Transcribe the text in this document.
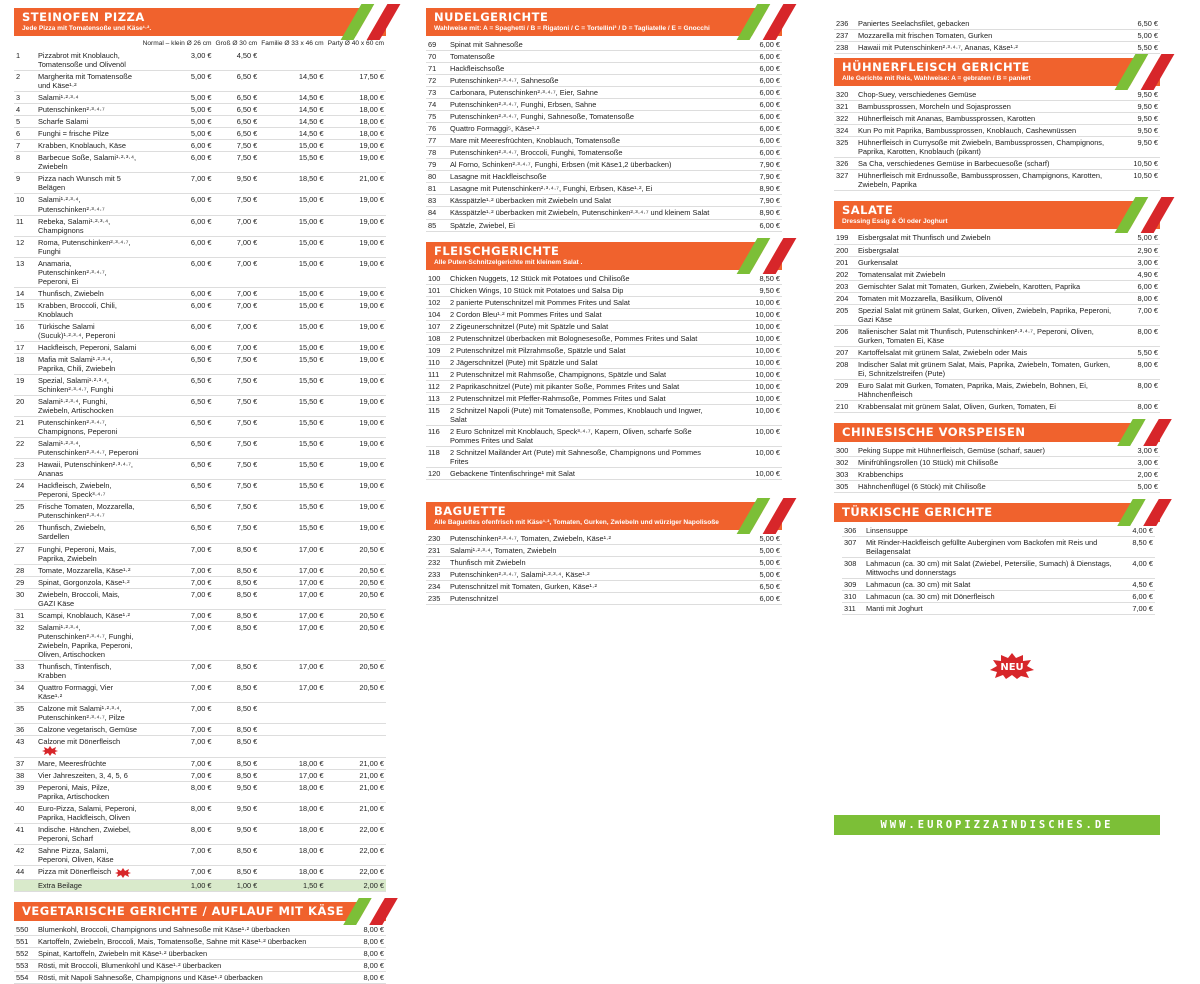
STEINOFEN PIZZA
Jede Pizza mit Tomatensoße und Käse¹·².
		Normal – klein Ø 26 cm	Groß Ø 30 cm	Familie Ø 33 x 46 cm	Party Ø 40 x 60 cm
1	Pizzabrot mit Knoblauch, Tomatensoße und Olivenöl	3,00 €	4,50 €		
2	Margherita mit Tomatensoße und Käse¹·²	5,00 €	6,50 €	14,50 €	17,50 €
3	Salami¹·²·³·⁴	5,00 €	6,50 €	14,50 €	18,00 €
4	Putenschinken²·³·⁴·⁷	5,00 €	6,50 €	14,50 €	18,00 €
5	Scharfe Salami	5,00 €	6,50 €	14,50 €	18,00 €
6	Funghi = frische Pilze	5,00 €	6,50 €	14,50 €	18,00 €
7	Krabben, Knoblauch, Käse	6,00 €	7,50 €	15,00 €	19,00 €
8	Barbecue Soße, Salami¹·²·³·⁴, Zwiebeln	6,00 €	7,50 €	15,50 €	19,00 €
9	Pizza nach Wunsch mit 5 Belägen	7,00 €	9,50 €	18,50 €	21,00 €
10	Salami¹·²·³·⁴, Putenschinken²·³·⁴·⁷	6,00 €	7,50 €	15,00 €	19,00 €
11	Rebeka, Salami¹·²·³·⁴, Champignons	6,00 €	7,00 €	15,00 €	19,00 €
12	Roma, Putenschinken²·³·⁴·⁷, Funghi	6,00 €	7,00 €	15,00 €	19,00 €
13	Anamaria, Putenschinken²·³·⁴·⁷, Peperoni, Ei	6,00 €	7,00 €	15,00 €	19,00 €
14	Thunfisch, Zwiebeln	6,00 €	7,00 €	15,00 €	19,00 €
15	Krabben, Broccoli, Chili, Knoblauch	6,00 €	7,00 €	15,00 €	19,00 €
16	Türkische Salami (Sucuk)¹·²·³·⁴, Peperoni	6,00 €	7,00 €	15,00 €	19,00 €
17	Hackfleisch, Peperoni, Salami	6,00 €	7,00 €	15,00 €	19,00 €
18	Mafia mit Salami¹·²·³·⁴, Paprika, Chili, Zwiebeln	6,50 €	7,50 €	15,50 €	19,00 €
19	Spezial, Salami¹·²·³·⁴, Schinken²·³·⁴·⁷, Funghi	6,50 €	7,50 €	15,50 €	19,00 €
20	Salami¹·²·³·⁴, Funghi, Zwiebeln, Artischocken	6,50 €	7,50 €	15,50 €	19,00 €
21	Putenschinken²·³·⁴·⁷, Champignons, Peperoni	6,50 €	7,50 €	15,50 €	19,00 €
22	Salami¹·²·³·⁴, Putenschinken²·³·⁴·⁷, Peperoni	6,50 €	7,50 €	15,50 €	19,00 €
23	Hawaii, Putenschinken²·³·⁴·⁷, Ananas	6,50 €	7,50 €	15,50 €	19,00 €
24	Hackfleisch, Zwiebeln, Peperoni, Speck³·⁴·⁷	6,50 €	7,50 €	15,50 €	19,00 €
25	Frische Tomaten, Mozzarella, Putenschinken²·³·⁴·⁷	6,50 €	7,50 €	15,50 €	19,00 €
26	Thunfisch, Zwiebeln, Sardellen	6,50 €	7,50 €	15,50 €	19,00 €
27	Funghi, Peperoni, Mais, Paprika, Zwiebeln	7,00 €	8,50 €	17,00 €	20,50 €
28	Tomate, Mozzarella, Käse¹·²	7,00 €	8,50 €	17,00 €	20,50 €
29	Spinat, Gorgonzola, Käse¹·²	7,00 €	8,50 €	17,00 €	20,50 €
30	Zwiebeln, Broccoli, Mais, GAZI Käse	7,00 €	8,50 €	17,00 €	20,50 €
31	Scampi, Knoblauch, Käse¹·²	7,00 €	8,50 €	17,00 €	20,50 €
32	Salami¹·²·³·⁴, Putenschinken²·³·⁴·⁷, Funghi, Zwiebeln, Paprika, Peperoni, Oliven, Artischocken	7,00 €	8,50 €	17,00 €	20,50 €
33	Thunfisch, Tintenfisch, Krabben	7,00 €	8,50 €	17,00 €	20,50 €
34	Quattro Formaggi, Vier Käse¹·²	7,00 €	8,50 €	17,00 €	20,50 €
35	Calzone mit Salami¹·²·³·⁴, Putenschinken²·³·⁴·⁷, Pilze	7,00 €	8,50 €		
36	Calzone vegetarisch, Gemüse	7,00 €	8,50 €		
43	Calzone mit Dönerfleisch	7,00 €	8,50 €		
37	Mare, Meeresfrüchte	7,00 €	8,50 €	18,00 €	21,00 €
38	Vier Jahreszeiten, 3, 4, 5, 6	7,00 €	8,50 €	17,00 €	21,00 €
39	Peperoni, Mais, Pilze, Paprika, Artischocken	8,00 €	9,50 €	18,00 €	21,00 €
40	Euro-Pizza, Salami, Peperoni, Paprika, Hackfleisch, Oliven	8,00 €	9,50 €	18,00 €	21,00 €
41	Indische. Hänchen, Zwiebel, Peperoni, Scharf	8,00 €	9,50 €	18,00 €	22,00 €
42	Sahne Pizza, Salami, Peperoni, Oliven, Käse	7,00 €	8,50 €	18,00 €	22,00 €
44	Pizza mit Dönerfleisch	7,00 €	8,50 €	18,00 €	22,00 €
	Extra Beilage	1,00 €	1,00 €	1,50 €	2,00 €
VEGETARISCHE GERICHTE / AUFLAUF MIT KÄSE
550	Blumenkohl, Broccoli, Champignons und Sahnesoße mit Käse¹·² überbacken	8,00 €
551	Kartoffeln, Zwiebeln, Broccoli, Mais, Tomatensoße, Sahne mit Käse¹·² überbacken	8,00 €
552	Spinat, Kartoffeln, Zwiebeln mit Käse¹·² überbacken	8,00 €
553	Rösti, mit Broccoli, Blumenkohl und Käse¹·² überbacken	8,00 €
554	Rösti, mit Napoli Sahnesoße, Champignons und Käse¹·² überbacken	8,00 €
NUDELGERICHTE
Wahlweise mit: A = Spaghetti / B = Rigatoni / C = Tortellini³ / D = Tagliatelle / E = Gnocchi
69	Spinat mit Sahnesoße	6,00 €
70	Tomatensoße	6,00 €
71	Hackfleischsoße	6,00 €
72	Putenschinken²·³·⁴·⁷, Sahnesoße	6,00 €
73	Carbonara, Putenschinken²·³·⁴·⁷, Eier, Sahne	6,00 €
74	Putenschinken²·³·⁴·⁷, Funghi, Erbsen, Sahne	6,00 €
75	Putenschinken²·³·⁴·⁷, Funghi, Sahnesoße, Tomatensoße	6,00 €
76	Quattro Formaggi⁵, Käse¹·²	6,00 €
77	Mare mit Meeresfrüchten, Knoblauch, Tomatensoße	6,00 €
78	Putenschinken²·³·⁴·⁷, Broccoli, Funghi, Tomatensoße	6,00 €
79	Al Forno, Schinken²·³·⁴·⁷, Funghi, Erbsen (mit Käse1,2 überbacken)	7,90 €
80	Lasagne mit Hackfleischsoße	7,90 €
81	Lasagne mit Putenschinken²·³·⁴·⁷, Funghi, Erbsen, Käse¹·², Ei	8,90 €
83	Kässpätzle¹·² überbacken mit Zwiebeln und Salat	7,90 €
84	Kässpätzle¹·² überbacken mit Zwiebeln, Putenschinken²·³·⁴·⁷ und kleinem Salat	8,90 €
85	Spätzle, Zwiebel, Ei	6,00 €
FLEISCHGERICHTE
Alle Puten-Schnitzelgerichte mit kleinem Salat .
100	Chicken Nuggets, 12 Stück mit Potatoes und Chilisoße	8,50 €
101	Chicken Wings, 10 Stück mit Potatoes und Salsa Dip	9,50 €
102	2 panierte Putenschnitzel mit Pommes Frites und Salat	10,00 €
104	2 Cordon Bleu¹·² mit Pommes Frites und Salat	10,00 €
107	2 Zigeunerschnitzel (Pute) mit Spätzle und Salat	10,00 €
108	2 Putenschnitzel überbacken mit Bolognesesoße, Pommes Frites und Salat	10,00 €
109	2 Putenschnitzel mit Pilzrahmsoße, Spätzle und Salat	10,00 €
110	2 Jägerschnitzel (Pute) mit Spätzle und Salat	10,00 €
111	2 Putenschnitzel mit Rahmsoße, Champignons, Spätzle und Salat	10,00 €
112	2 Paprikaschnitzel (Pute) mit pikanter Soße, Pommes Frites und Salat	10,00 €
113	2 Putenschnitzel mit Pfeffer-Rahmsoße, Pommes Frites und Salat	10,00 €
115	2 Schnitzel Napoli (Pute) mit Tomatensoße, Pommes, Knoblauch und Ingwer, Salat	10,00 €
116	2 Euro Schnitzel mit Knoblauch, Speck³·⁴·⁷, Kapern, Oliven, scharfe Soße Pommes Frites und Salat	10,00 €
118	2 Schnitzel Mailänder Art (Pute) mit Sahnesoße, Champignons und Pommes Frites	10,00 €
120	Gebackene Tintenfischringe¹ mit Salat	10,00 €
BAGUETTE
Alle Baguettes ofenfrisch mit Käse¹·², Tomaten, Gurken, Zwiebeln und würziger Napolisoße
230	Putenschinken²·³·⁴·⁷, Tomaten, Zwiebeln, Käse¹·²	5,00 €
231	Salami¹·²·³·⁴, Tomaten, Zwiebeln	5,00 €
232	Thunfisch mit Zwiebeln	5,00 €
233	Putenschinken²·³·⁴·⁷, Salami¹·²·³·⁴, Käse¹·²	5,00 €
234	Putenschnitzel mit Tomaten, Gurken, Käse¹·²	6,50 €
235	Putenschnitzel	6,00 €
236	Paniertes Seelachsfilet, gebacken	6,50 €
237	Mozzarella mit frischen Tomaten, Gurken	5,00 €
238	Hawaii mit Putenschinken²·³·⁴·⁷, Ananas, Käse¹·²	5,50 €
HÜHNERFLEISCH GERICHTE
Alle Gerichte mit Reis, Wahlweise: A = gebraten / B = paniert
320	Chop-Suey, verschiedenes Gemüse	9,50 €
321	Bambussprossen, Morcheln und Sojasprossen	9,50 €
322	Hühnerfleisch mit Ananas, Bambussprossen, Karotten	9,50 €
324	Kun Po mit Paprika, Bambussprossen, Knoblauch, Cashewnüssen	9,50 €
325	Hühnerfleisch in Currysoße mit Zwiebeln, Bambussprossen, Champignons, Paprika, Karotten, Knoblauch (pikant)	9,50 €
326	Sa Cha, verschiedenes Gemüse in Barbecuesoße (scharf)	10,50 €
327	Hühnerfleisch mit Erdnussoße, Bambussprossen, Champignons, Karotten, Zwiebeln, Paprika	10,50 €
SALATE
Dressing Essig & Öl oder Joghurt
199	Eisbergsalat mit Thunfisch und Zwiebeln	5,00 €
200	Eisbergsalat	2,90 €
201	Gurkensalat	3,00 €
202	Tomatensalat mit Zwiebeln	4,90 €
203	Gemischter Salat mit Tomaten, Gurken, Zwiebeln, Karotten, Paprika	6,00 €
204	Tomaten mit Mozzarella, Basilikum, Olivenöl	8,00 €
205	Spezial Salat mit grünem Salat, Gurken, Oliven, Zwiebeln, Paprika, Peperoni, Gazi Käse	7,00 €
206	Italienischer Salat mit Thunfisch, Putenschinken²·³·⁴·⁷, Peperoni, Oliven, Gurken, Tomaten Ei, Käse	8,00 €
207	Kartoffelsalat mit grünem Salat, Zwiebeln oder Mais	5,50 €
208	Indischer Salat mit grünem Salat, Mais, Paprika, Zwiebeln, Tomaten, Gurken, Ei, Schnitzelstreifen (Pute)	8,00 €
209	Euro Salat mit Gurken, Tomaten, Paprika, Mais, Zwiebeln, Bohnen, Ei, Hähnchenfleisch	8,00 €
210	Krabbensalat mit grünem Salat, Oliven, Gurken, Tomaten, Ei	8,00 €
CHINESISCHE VORSPEISEN
300	Peking Suppe mit Hühnerfleisch, Gemüse (scharf, sauer)	3,00 €
302	Minifrühlingsrollen (10 Stück) mit Chilisoße	3,00 €
303	Krabbenchips	2,00 €
305	Hähnchenflügel (6 Stück) mit Chilisoße	5,00 €
TÜRKISCHE GERICHTE
306	Linsensuppe	4,00 €
307	Mit Rinder-Hackfleisch gefüllte Auberginen vom Backofen mit Reis und Beilagensalat	8,50 €
308	Lahmacun (ca. 30 cm) mit Salat (Zwiebel, Petersilie, Sumach) â Dienstags, Mittwochs und donnerstags	4,00 €
309	Lahmacun (ca. 30 cm) mit Salat	4,50 €
310	Lahmacun (ca. 30 cm) mit Dönerfleisch	6,00 €
311	Manti mit Joghurt	7,00 €
NEU
WWW.EUROPIZZAINDISCHES.DE
